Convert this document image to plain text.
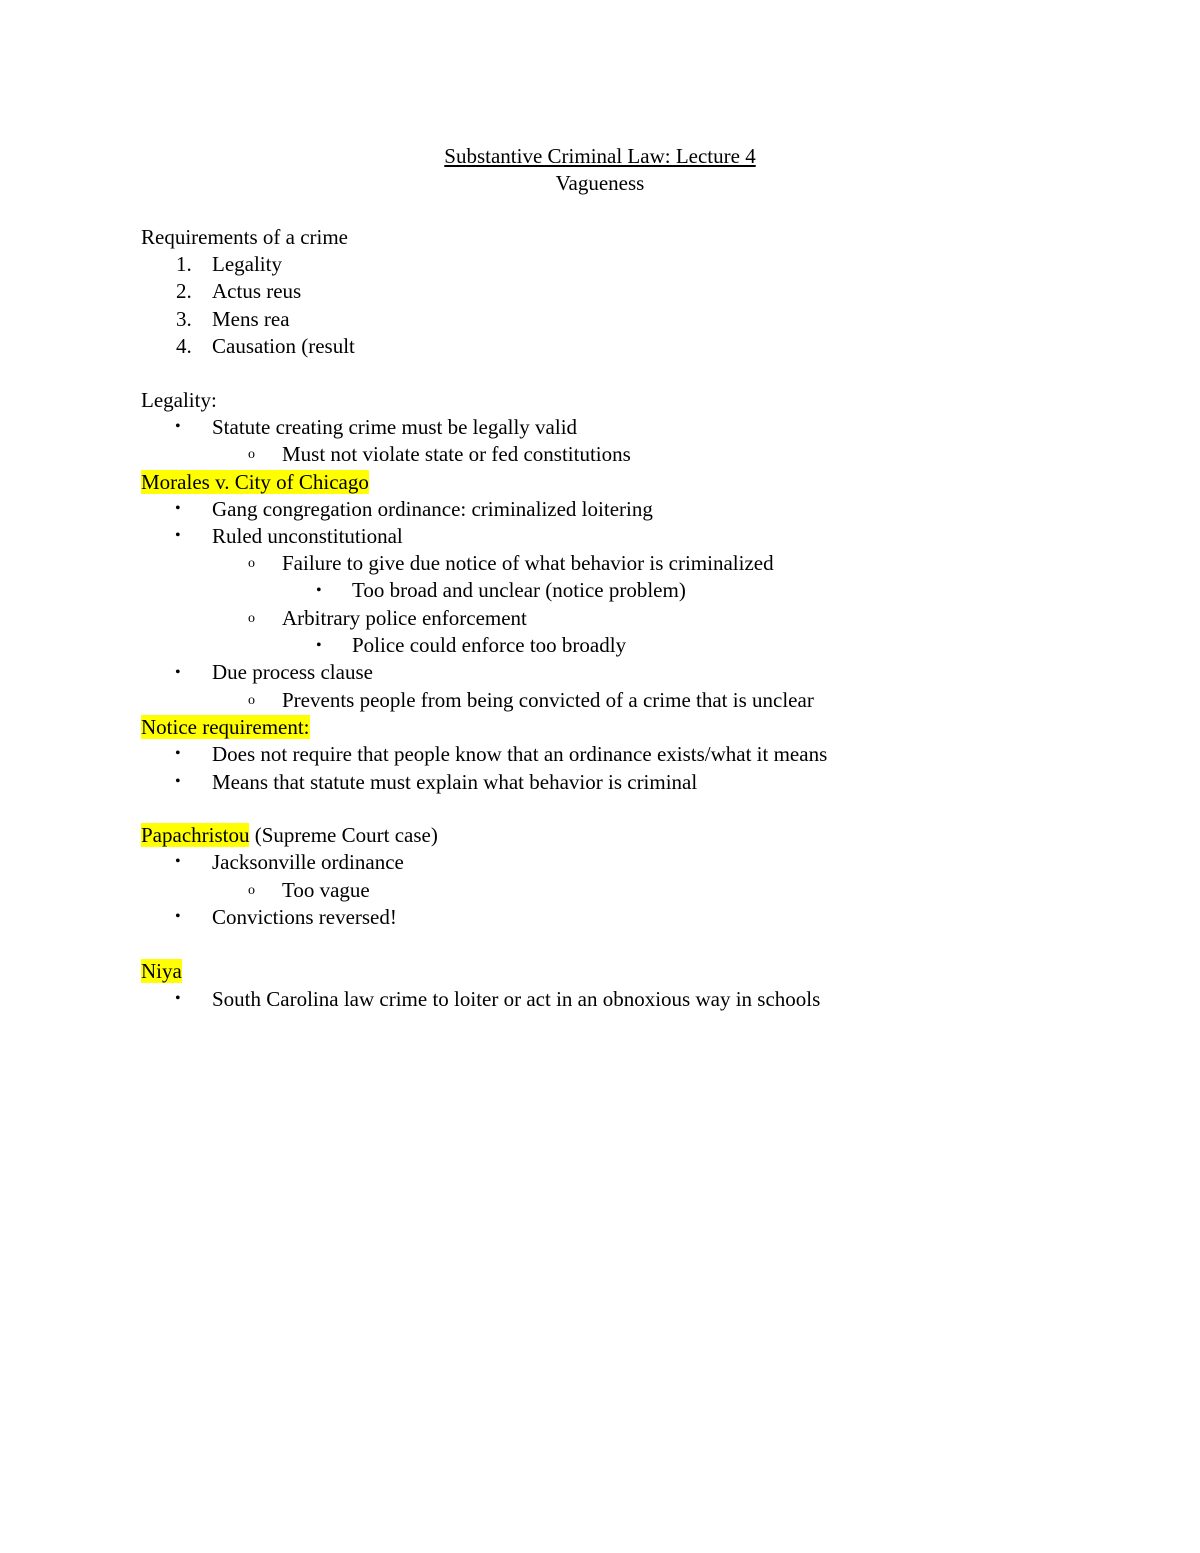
Substantive Criminal Law: Lecture 4
Vagueness
Requirements of a crime
1. Legality
2. Actus reus
3. Mens rea
4. Causation (result
Legality:
• Statute creating crime must be legally valid
o Must not violate state or fed constitutions
Morales v. City of Chicago
• Gang congregation ordinance: criminalized loitering
• Ruled unconstitutional
o Failure to give due notice of what behavior is criminalized
• Too broad and unclear (notice problem)
o Arbitrary police enforcement
• Police could enforce too broadly
• Due process clause
o Prevents people from being convicted of a crime that is unclear
Notice requirement:
• Does not require that people know that an ordinance exists/what it means
• Means that statute must explain what behavior is criminal
Papachristou (Supreme Court case)
• Jacksonville ordinance
o Too vague
• Convictions reversed!
Niya
• South Carolina law crime to loiter or act in an obnoxious way in schools
